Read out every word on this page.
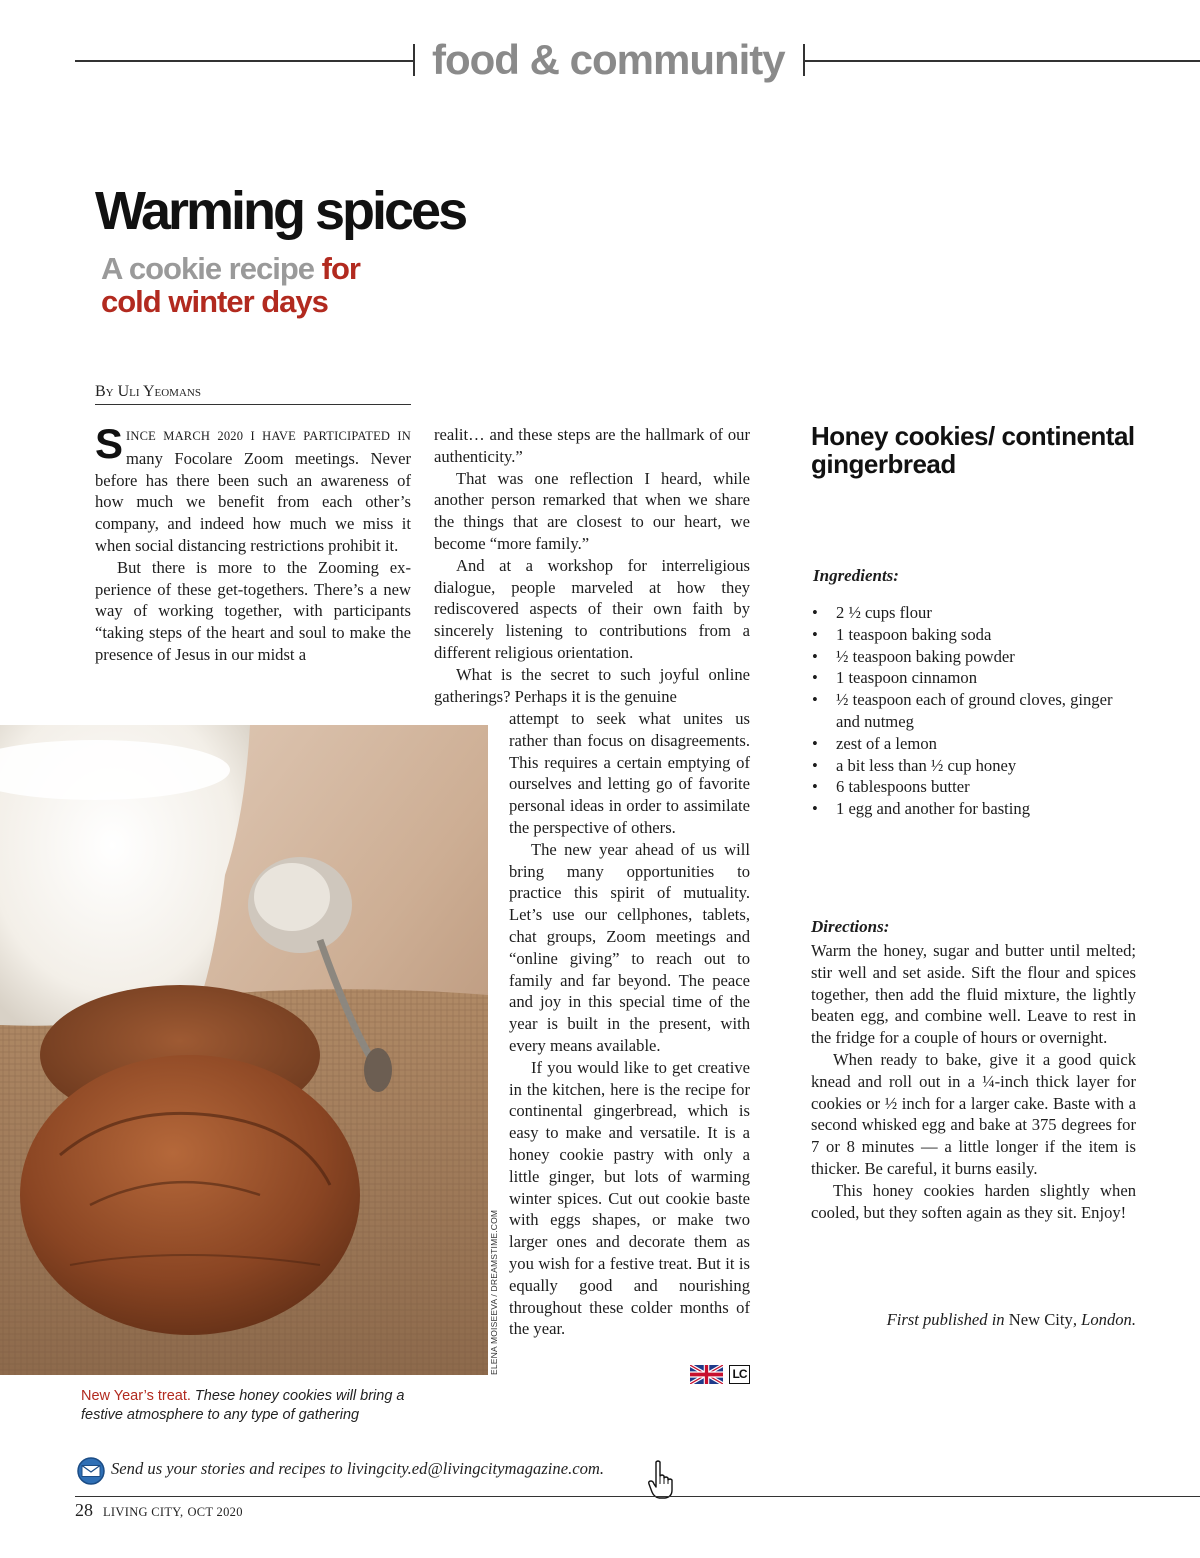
food & community
Warming spices
A cookie recipe for
cold winter days
By Uli Yeomans

SINCE MARCH 2020 I HAVE PARTICIPATED IN many Focolare Zoom meetings. Never before has there been such an awareness of how much we benefit from each other’s company, and indeed how much we miss it when social distancing restrictions prohibit it.

But there is more to the Zooming experience of these get-togethers. There’s a new way of working together, with participants “taking steps of the heart and soul to make the presence of Jesus in our midst a

realit… and these steps are the hallmark of our authenticity.”

That was one reflection I heard, while another person remarked that when we share the things that are closest to our heart, we become “more family.”

And at a workshop for interreligious dialogue, people marveled at how they rediscovered aspects of their own faith by sincerely listening to contributions from a different religious orientation.

What is the secret to such joyful online gatherings? Perhaps it is the genuine

attempt to seek what unites us rather than focus on disagreements. This requires a certain emptying of ourselves and letting go of favorite personal ideas in order to assimilate the perspective of others.

The new year ahead of us will bring many opportunities to practice this spirit of mutuality. Let’s use our cellphones, tablets, chat groups, Zoom meetings and “online giving” to reach out to family and far beyond. The peace and joy in this special time of the year is built in the present, with every means available.

If you would like to get creative in the kitchen, here is the recipe for continental gingerbread, which is easy to make and versatile. It is a honey cookie pastry with only a little ginger, but lots of warming winter spices. Cut out cookie baste with eggs shapes, or make two larger ones and decorate them as you wish for a festive treat. But it is equally good and nourishing throughout these colder months of the year.

LC
ELENA MOISEEVA / DREAMSTIME.COM
New Year’s treat. These honey cookies will bring a festive atmosphere to any type of gathering
Honey cookies/ continental gingerbread
Ingredients:
• 2 ½ cups flour
• 1 teaspoon baking soda
• ½ teaspoon baking powder
• 1 teaspoon cinnamon
• ½ teaspoon each of ground cloves, ginger and nutmeg
• zest of a lemon
• a bit less than ½ cup honey
• 6 tablespoons butter
• 1 egg and another for basting
Directions:

Warm the honey, sugar and butter until melted; stir well and set aside. Sift the flour and spices together, then add the fluid mixture, the lightly beaten egg, and combine well. Leave to rest in the fridge for a couple of hours or overnight.

When ready to bake, give it a good quick knead and roll out in a ¼-inch thick layer for cookies or ½ inch for a larger cake. Baste with a second whisked egg and bake at 375 degrees for 7 or 8 minutes — a little longer if the item is thicker. Be careful, it burns easily.

This honey cookies harden slightly when cooled, but they soften again as they sit. Enjoy!

First published in New City, London.
Send us your stories and recipes to livingcity.ed@livingcitymagazine.com.
28 LIVING CITY, OCT 2020
